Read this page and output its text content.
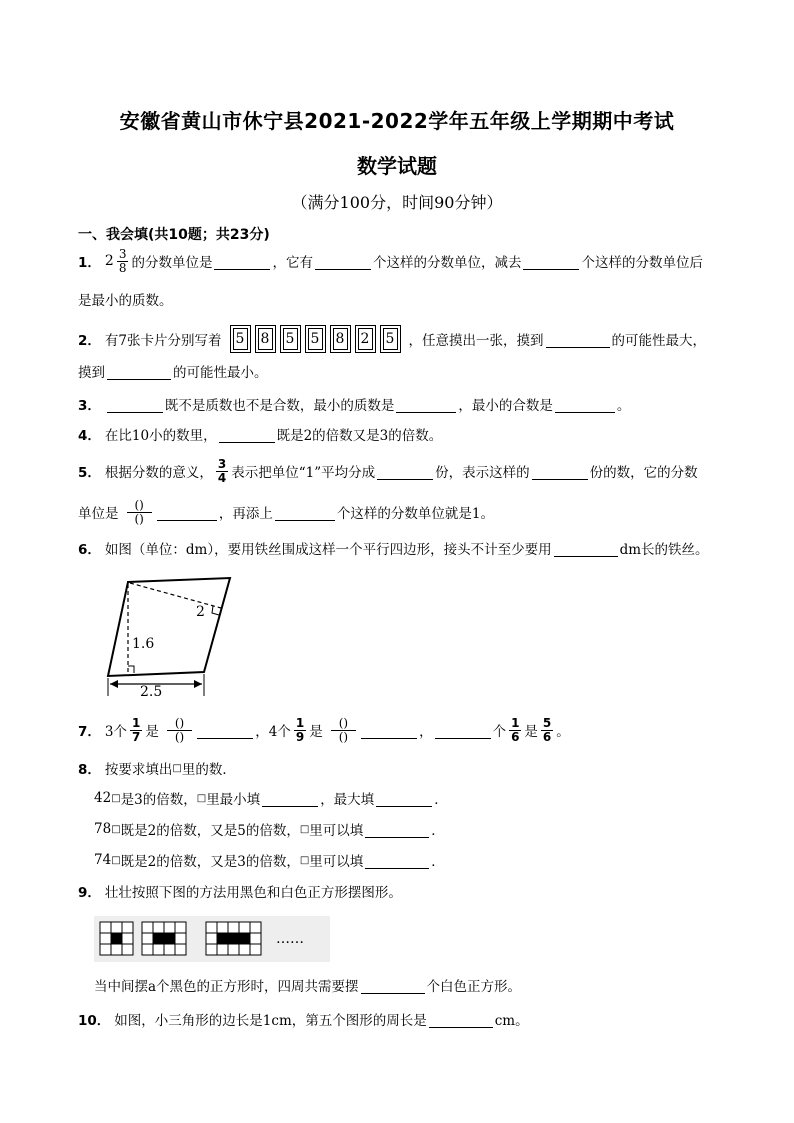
安徽省黄山市休宁县2021-2022学年五年级上学期期中考试
数学试题
（满分100分，时间90分钟）
一、我会填(共10题；共23分)
1． $2 \frac{3}{8}$ 的分数单位是	，它有	个这样的分数单位，减去	个这样的分数单位后
是最小的质数。
2． 有7张卡片分别写着	5	8	5	5	8	2	5	，任意摸出一张，摸到	的可能性最大，
摸到	的可能性最小。
3．	既不是质数也不是合数，最小的质数是	，最小的合数是	。
4． 在比10小的数里，	既是2的倍数又是3的倍数。
5． 根据分数的意义， $\frac{3}{4}$ 表示把单位“1”平均分成	份，表示这样的	份的数，它的分数
单位是 $\frac{()}{()}$	，再添上	个这样的分数单位就是1。
6． 如图（单位：dm），要用铁丝围成这样一个平行四边形，接头不计至少要用	dm长的铁丝。
2
1.6
2.5
7． 3个 $\frac{1}{7}$ 是 $\frac{()}{()}$	， 4个 $\frac{1}{9}$ 是 $\frac{()}{()}$	，	个 $\frac{1}{6}$ 是 $\frac{5}{6}$ 。
8． 按要求填出 □ 里的数．
42 □ 是3的倍数， □ 里最小填	，最大填	．
78 □ 既是2的倍数，又是5的倍数， □ 里可以填	．
74 □ 既是2的倍数，又是3的倍数， □ 里可以填	．
9． 壮壮按照下图的方法用黑色和白色正方形摆图形。
……
当中间摆a个黑色的正方形时，四周共需要摆	个白色正方形。
10． 如图，小三角形的边长是1cm，第五个图形的周长是	cm。
